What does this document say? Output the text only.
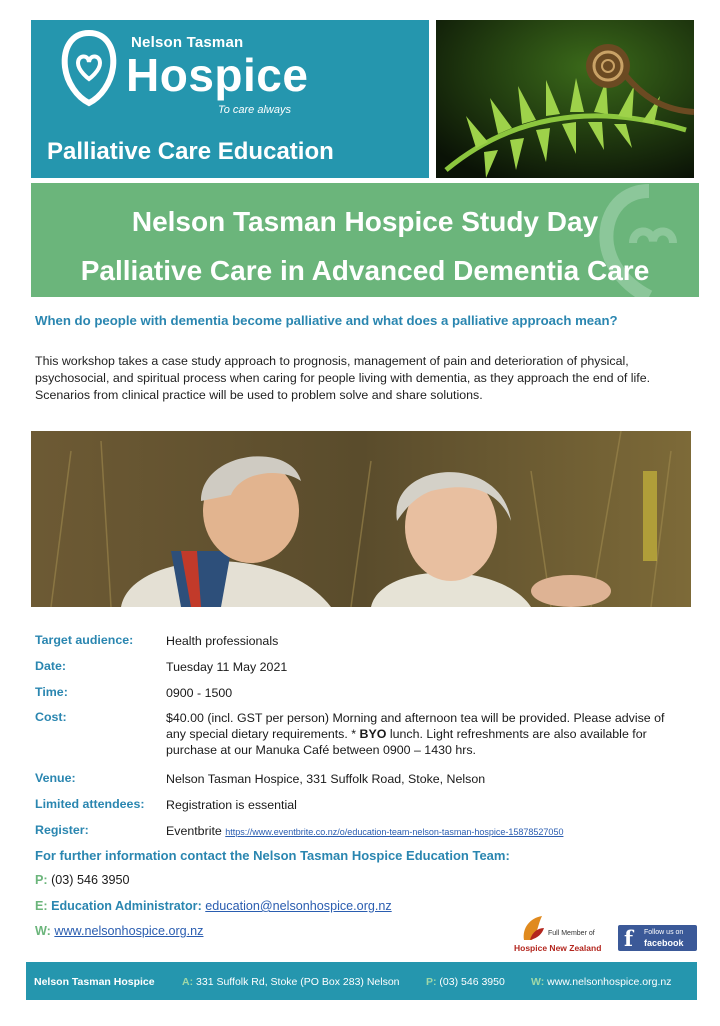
Nelson Tasman
Hospice
To care always
Palliative Care Education
Nelson Tasman Hospice Study Day
Palliative Care in Advanced Dementia Care
When do people with dementia become palliative and what does a palliative approach mean?
This workshop takes a case study approach to prognosis, management of pain and deterioration of physical, psychosocial, and spiritual process when caring for people living with dementia, as they approach the end of life. Scenarios from clinical practice will be used to problem solve and share solutions.
Target audience:	Health professionals
Date:	Tuesday 11 May 2021
Time:	0900 - 1500
Cost:	$40.00 (incl. GST per person) Morning and afternoon tea will be provided. Please advise of any special dietary requirements. * BYO lunch. Light refreshments are also available for purchase at our Manuka Café between 0900 – 1430 hrs.
Venue:	Nelson Tasman Hospice, 331 Suffolk Road, Stoke, Nelson
Limited attendees: Registration is essential
Register:	Eventbrite https://www.eventbrite.co.nz/o/education-team-nelson-tasman-hospice-15878527050
For further information contact the Nelson Tasman Hospice Education Team:
P: (03) 546 3950
E: Education Administrator: education@nelsonhospice.org.nz
W: www.nelsonhospice.org.nz	Full Member of
Hospice New Zealand f Follow us on
facebook
Nelson Tasman Hospice	A: 331 Suffolk Rd, Stoke (PO Box 283) Nelson	P: (03) 546 3950 W: www.nelsonhospice.org.nz
